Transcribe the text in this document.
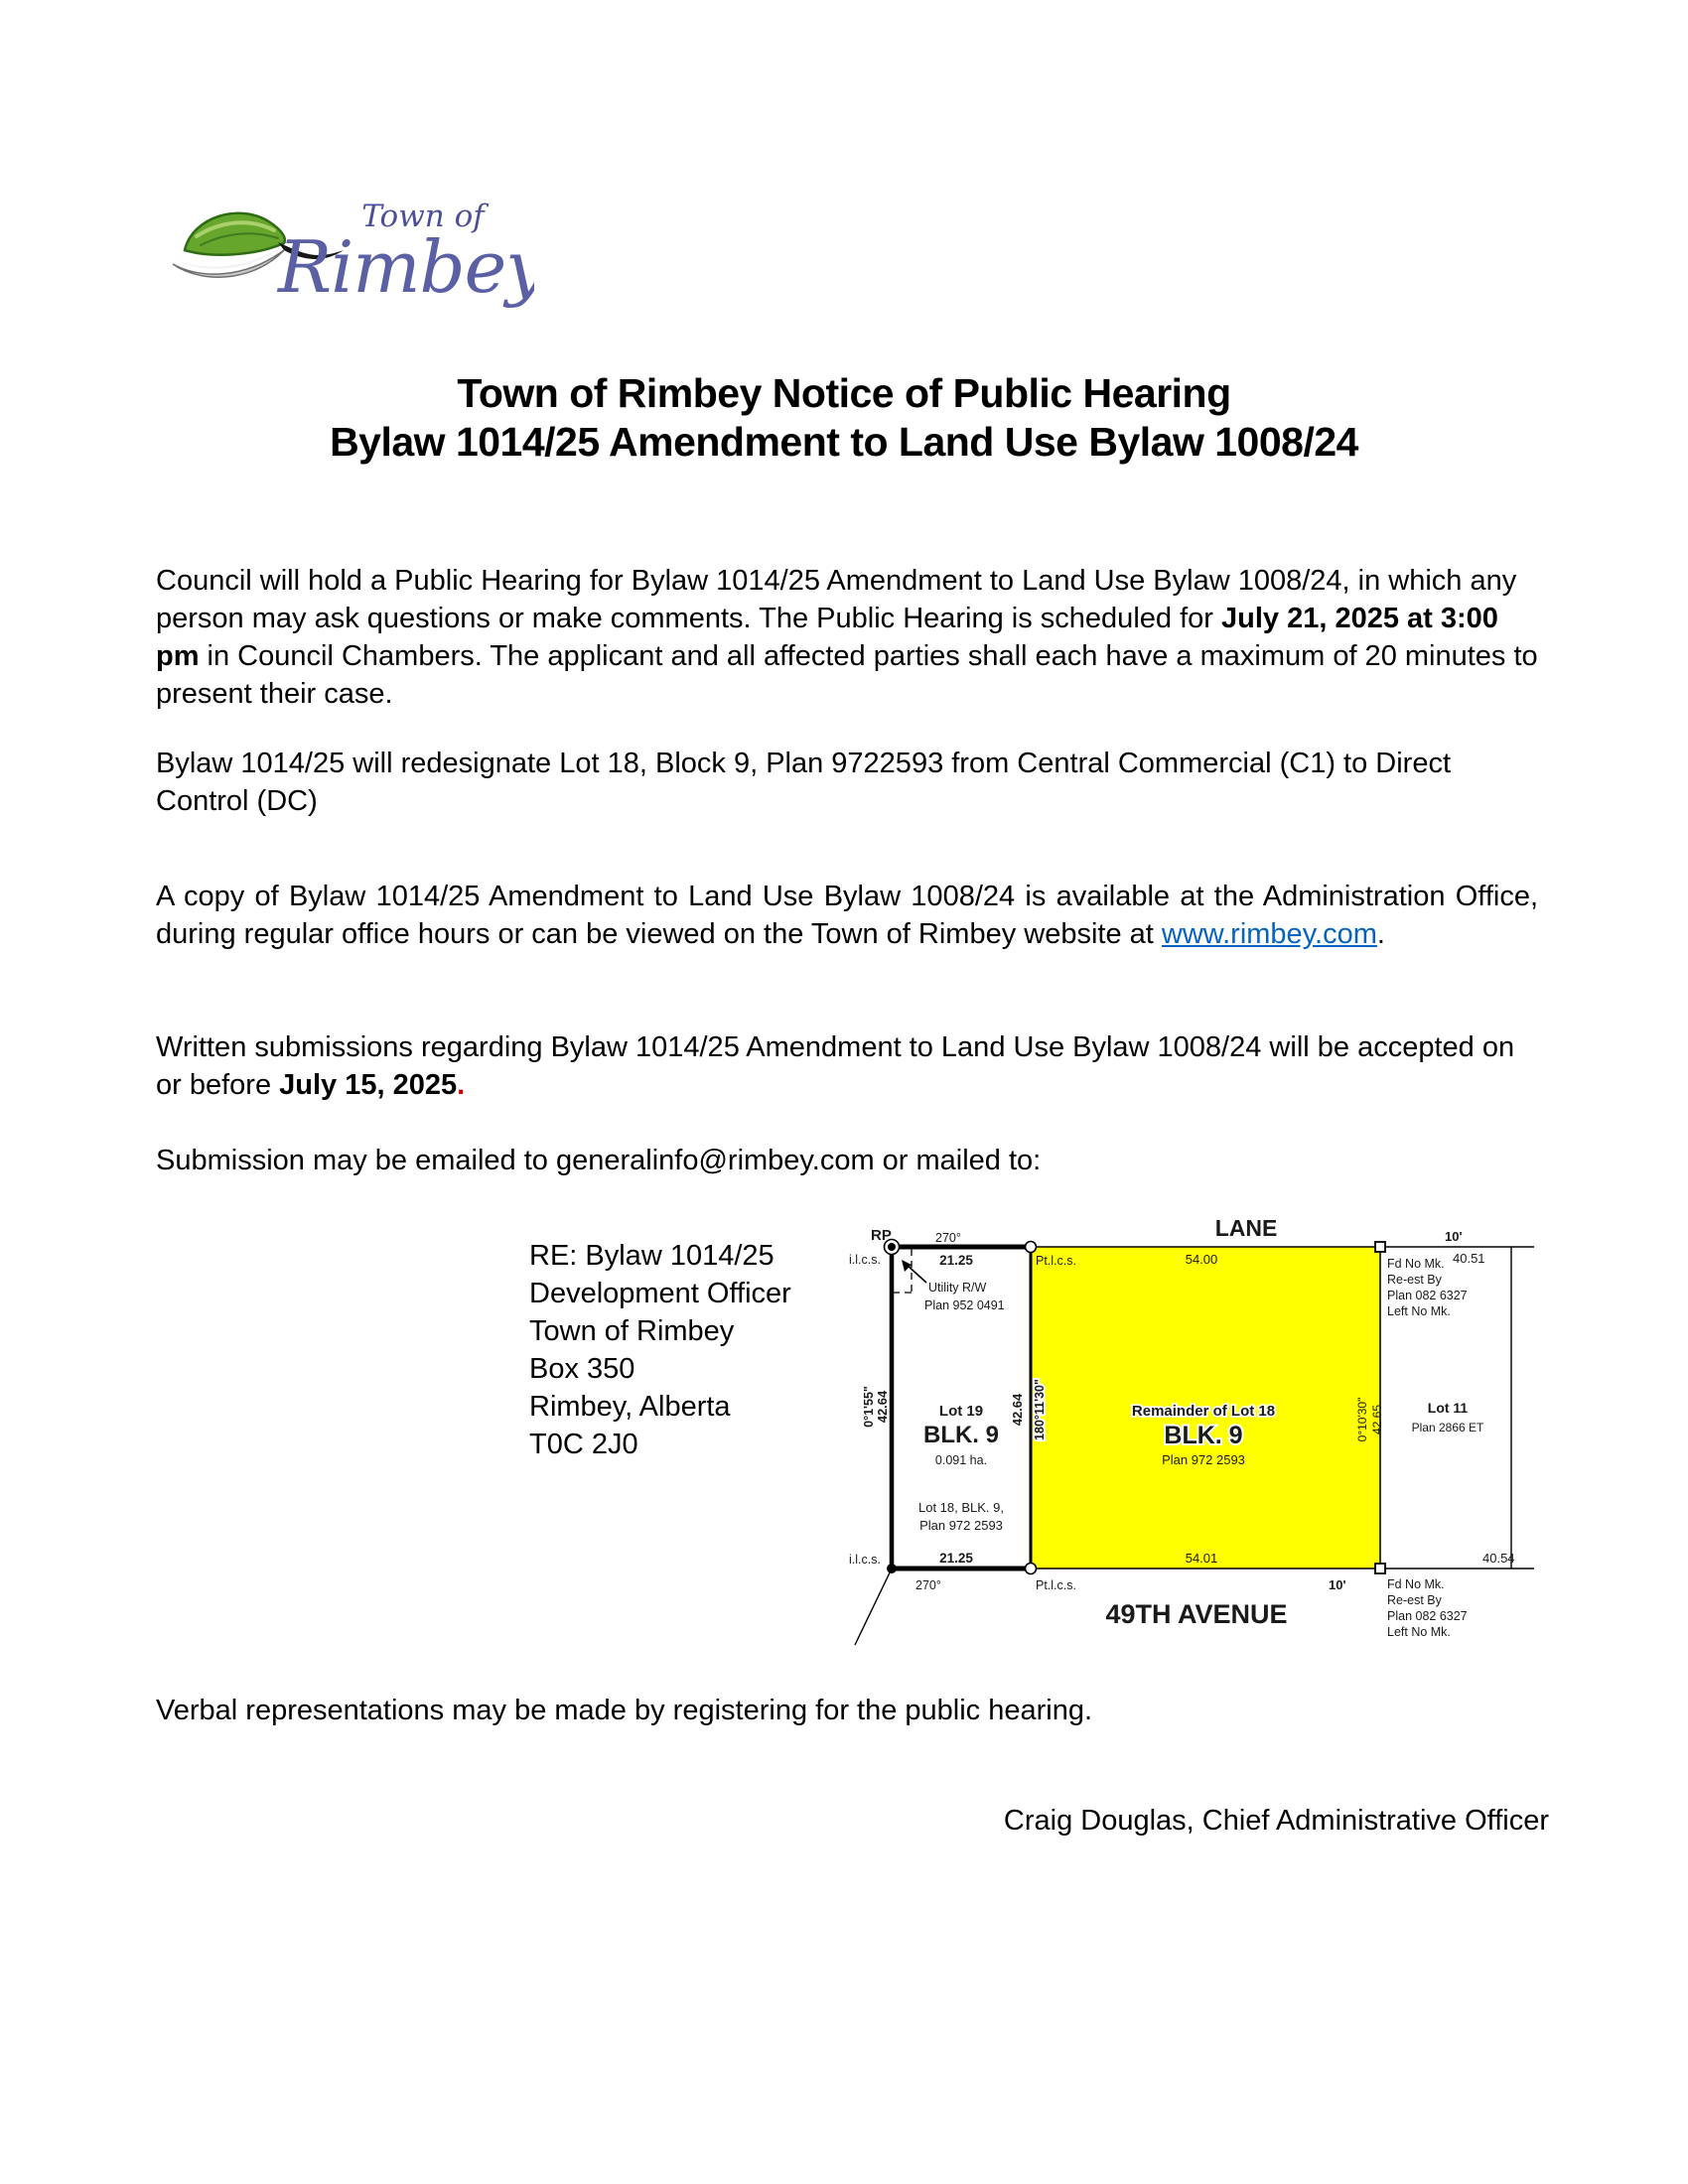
Town of
Rimbey
Town of Rimbey Notice of Public Hearing
Bylaw 1014/25 Amendment to Land Use Bylaw 1008/24
Council will hold a Public Hearing for Bylaw 1014/25 Amendment to Land Use Bylaw 1008/24, in which any person may ask questions or make comments. The Public Hearing is scheduled for July 21, 2025 at 3:00 pm in Council Chambers. The applicant and all affected parties shall each have a maximum of 20 minutes to present their case.
Bylaw 1014/25 will redesignate Lot 18, Block 9, Plan 9722593 from Central Commercial (C1) to Direct Control (DC)
A copy of Bylaw 1014/25 Amendment to Land Use Bylaw 1008/24 is available at the Administration Office, during regular office hours or can be viewed on the Town of Rimbey website at www.rimbey.com.
Written submissions regarding Bylaw 1014/25 Amendment to Land Use Bylaw 1008/24 will be accepted on or before July 15, 2025.
Submission may be emailed to generalinfo@rimbey.com or mailed to:
RE: Bylaw 1014/25
Development Officer
Town of Rimbey
Box 350
Rimbey, Alberta
T0C 2J0
LANE
49TH AVENUE
RP
i.l.c.s.
270°
21.25	Pt.l.c.s.	54.00
10'
40.51
Fd No Mk.
Re-est By
Plan 082 6327
Left No Mk.
Utility R/W
Plan 952 0491
0°1'55" 42.64	42.64 180°11'30"	0°10'30" 42.65
Lot 19
BLK. 9
0.091 ha.
Lot 18, BLK. 9,
Plan 972 2593
Remainder of Lot 18
BLK. 9
Plan 972 2593
Lot 11
Plan 2866 ET
i.l.c.s.	21.25
270°	Pt.l.c.s.
54.01
10'
40.54
Fd No Mk.
Re-est By
Plan 082 6327
Left No Mk.
Verbal representations may be made by registering for the public hearing.
Craig Douglas, Chief Administrative Officer
